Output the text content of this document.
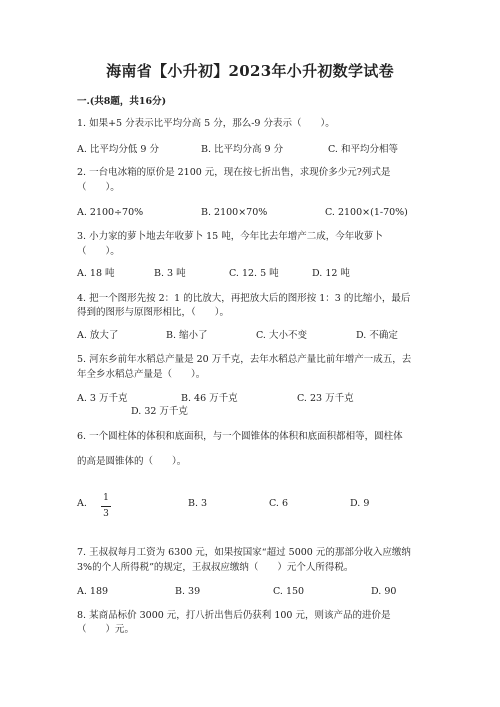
海南省【小升初】2023年小升初数学试卷
一.(共8题，共16分)
1. 如果+5 分表示比平均分高 5 分，那么-9 分表示（　　）。
A. 比平均分低 9 分	B. 比平均分高 9 分	C. 和平均分相等
2. 一台电冰箱的原价是 2100 元，现在按七折出售，求现价多少元?列式是
（　　）。
A. 2100÷70%	B. 2100×70%	C. 2100×(1-70%)
3. 小力家的萝卜地去年收萝卜 15 吨，今年比去年增产二成，今年收萝卜
（　　）。
A. 18 吨	B. 3 吨	C. 12. 5 吨	D. 12 吨
4. 把一个图形先按 2：1 的比放大，再把放大后的图形按 1：3 的比缩小，最后
得到的图形与原图形相比，（　　）。
A. 放大了	B. 缩小了	C. 大小不变	D. 不确定
5. 河东乡前年水稻总产量是 20 万千克，去年水稻总产量比前年增产一成五，去
年全乡水稻总产量是（　　）。
A. 3 万千克	B. 46 万千克	C. 23 万千克
D. 32 万千克
6. 一个圆柱体的体积和底面积，与一个圆锥体的体积和底面积都相等，圆柱体
的高是圆锥体的（　　）。
A. 1
3
B. 3	C. 6	D. 9
7. 王叔叔每月工资为 6300 元，如果按国家“超过 5000 元的那部分收入应缴纳
3%的个人所得税”的规定，王叔叔应缴纳（　　）元个人所得税。
A. 189	B. 39	C. 150	D. 90
8. 某商品标价 3000 元，打八折出售后仍获利 100 元，则该产品的进价是
（　　）元。
